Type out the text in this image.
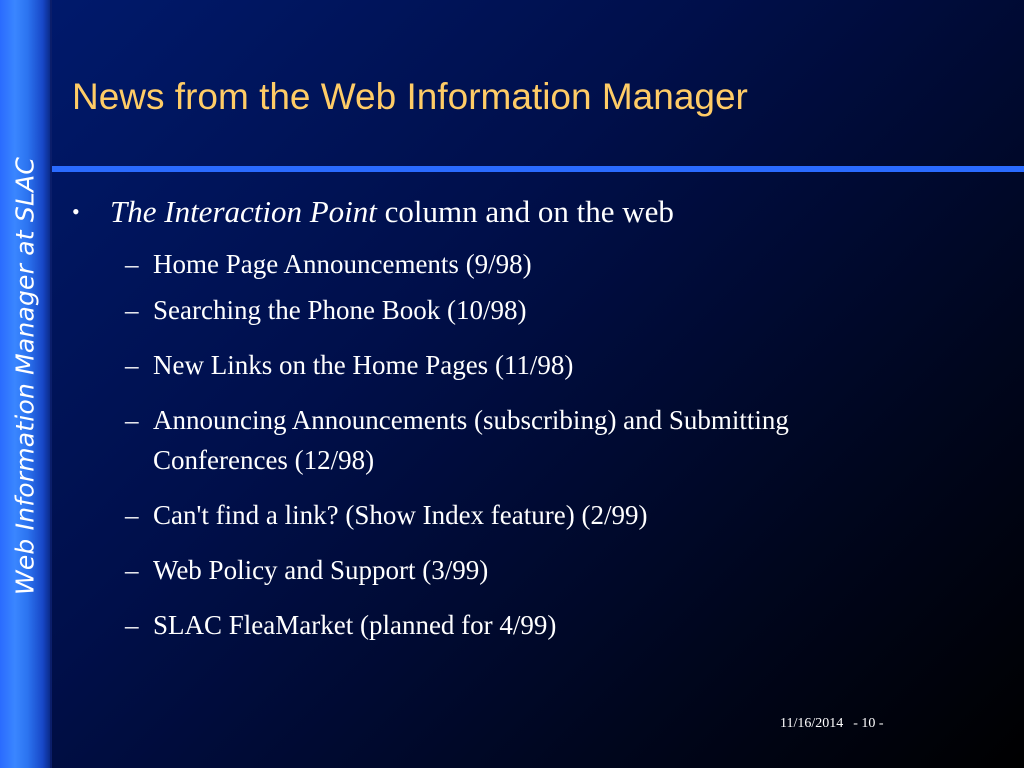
Web Information Manager at SLAC
News from the Web Information Manager
• The Interaction Point column and on the web
– Home Page Announcements (9/98)
– Searching the Phone Book (10/98)
– New Links on the Home Pages (11/98)
– Announcing Announcements (subscribing) and Submitting Conferences (12/98)
– Can't find a link? (Show Index feature) (2/99)
– Web Policy and Support (3/99)
– SLAC FleaMarket (planned for 4/99)
11/16/2014 - 10 -
